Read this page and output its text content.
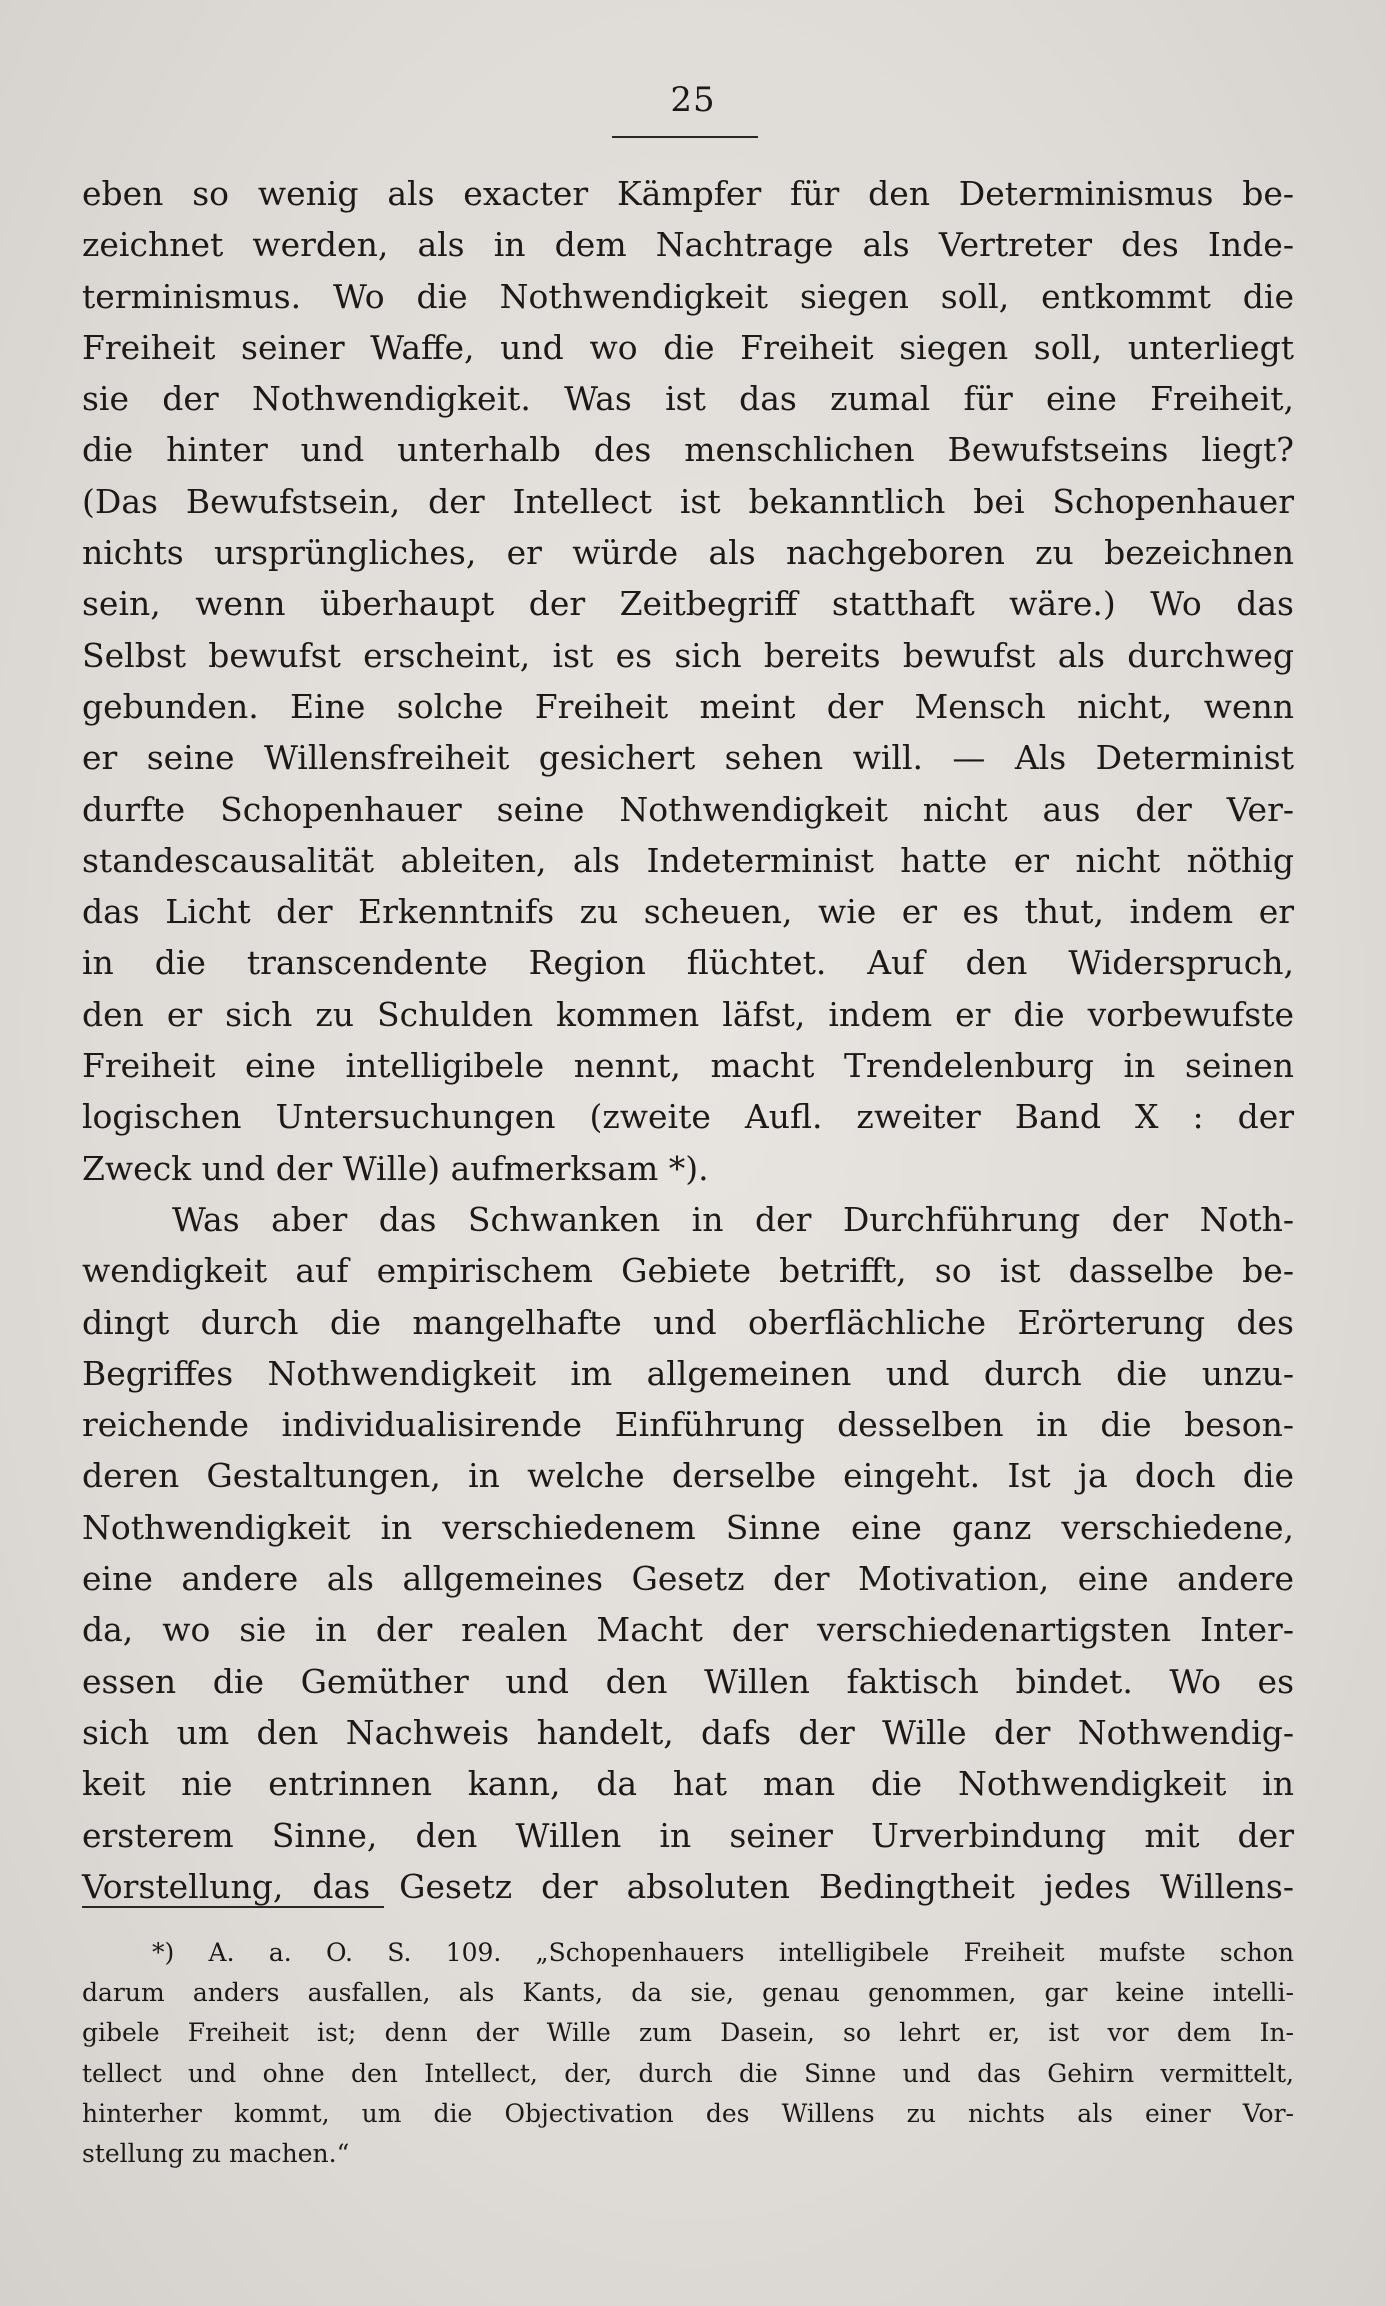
25
eben so wenig als exacter Kämpfer für den Determinismus be-
zeichnet werden, als in dem Nachtrage als Vertreter des Inde-
terminismus. Wo die Nothwendigkeit siegen soll, entkommt die
Freiheit seiner Waffe, und wo die Freiheit siegen soll, unterliegt
sie der Nothwendigkeit. Was ist das zumal für eine Freiheit,
die hinter und unterhalb des menschlichen Bewufstseins liegt?
(Das Bewufstsein, der Intellect ist bekanntlich bei Schopenhauer
nichts ursprüngliches, er würde als nachgeboren zu bezeichnen
sein, wenn überhaupt der Zeitbegriff statthaft wäre.) Wo das
Selbst bewufst erscheint, ist es sich bereits bewufst als durchweg
gebunden. Eine solche Freiheit meint der Mensch nicht, wenn
er seine Willensfreiheit gesichert sehen will. — Als Determinist
durfte Schopenhauer seine Nothwendigkeit nicht aus der Ver-
standescausalität ableiten, als Indeterminist hatte er nicht nöthig
das Licht der Erkenntnifs zu scheuen, wie er es thut, indem er
in die transcendente Region flüchtet. Auf den Widerspruch,
den er sich zu Schulden kommen läfst, indem er die vorbewufste
Freiheit eine intelligibele nennt, macht Trendelenburg in seinen
logischen Untersuchungen (zweite Aufl. zweiter Band X : der
Zweck und der Wille) aufmerksam *).
Was aber das Schwanken in der Durchführung der Noth-
wendigkeit auf empirischem Gebiete betrifft, so ist dasselbe be-
dingt durch die mangelhafte und oberflächliche Erörterung des
Begriffes Nothwendigkeit im allgemeinen und durch die unzu-
reichende individualisirende Einführung desselben in die beson-
deren Gestaltungen, in welche derselbe eingeht. Ist ja doch die
Nothwendigkeit in verschiedenem Sinne eine ganz verschiedene,
eine andere als allgemeines Gesetz der Motivation, eine andere
da, wo sie in der realen Macht der verschiedenartigsten Inter-
essen die Gemüther und den Willen faktisch bindet. Wo es
sich um den Nachweis handelt, dafs der Wille der Nothwendig-
keit nie entrinnen kann, da hat man die Nothwendigkeit in
ersterem Sinne, den Willen in seiner Urverbindung mit der
Vorstellung, das Gesetz der absoluten Bedingtheit jedes Willens-
*) A. a. O. S. 109. „Schopenhauers intelligibele Freiheit mufste schon
darum anders ausfallen, als Kants, da sie, genau genommen, gar keine intelli-
gibele Freiheit ist; denn der Wille zum Dasein, so lehrt er, ist vor dem In-
tellect und ohne den Intellect, der, durch die Sinne und das Gehirn vermittelt,
hinterher kommt, um die Objectivation des Willens zu nichts als einer Vor-
stellung zu machen.“
